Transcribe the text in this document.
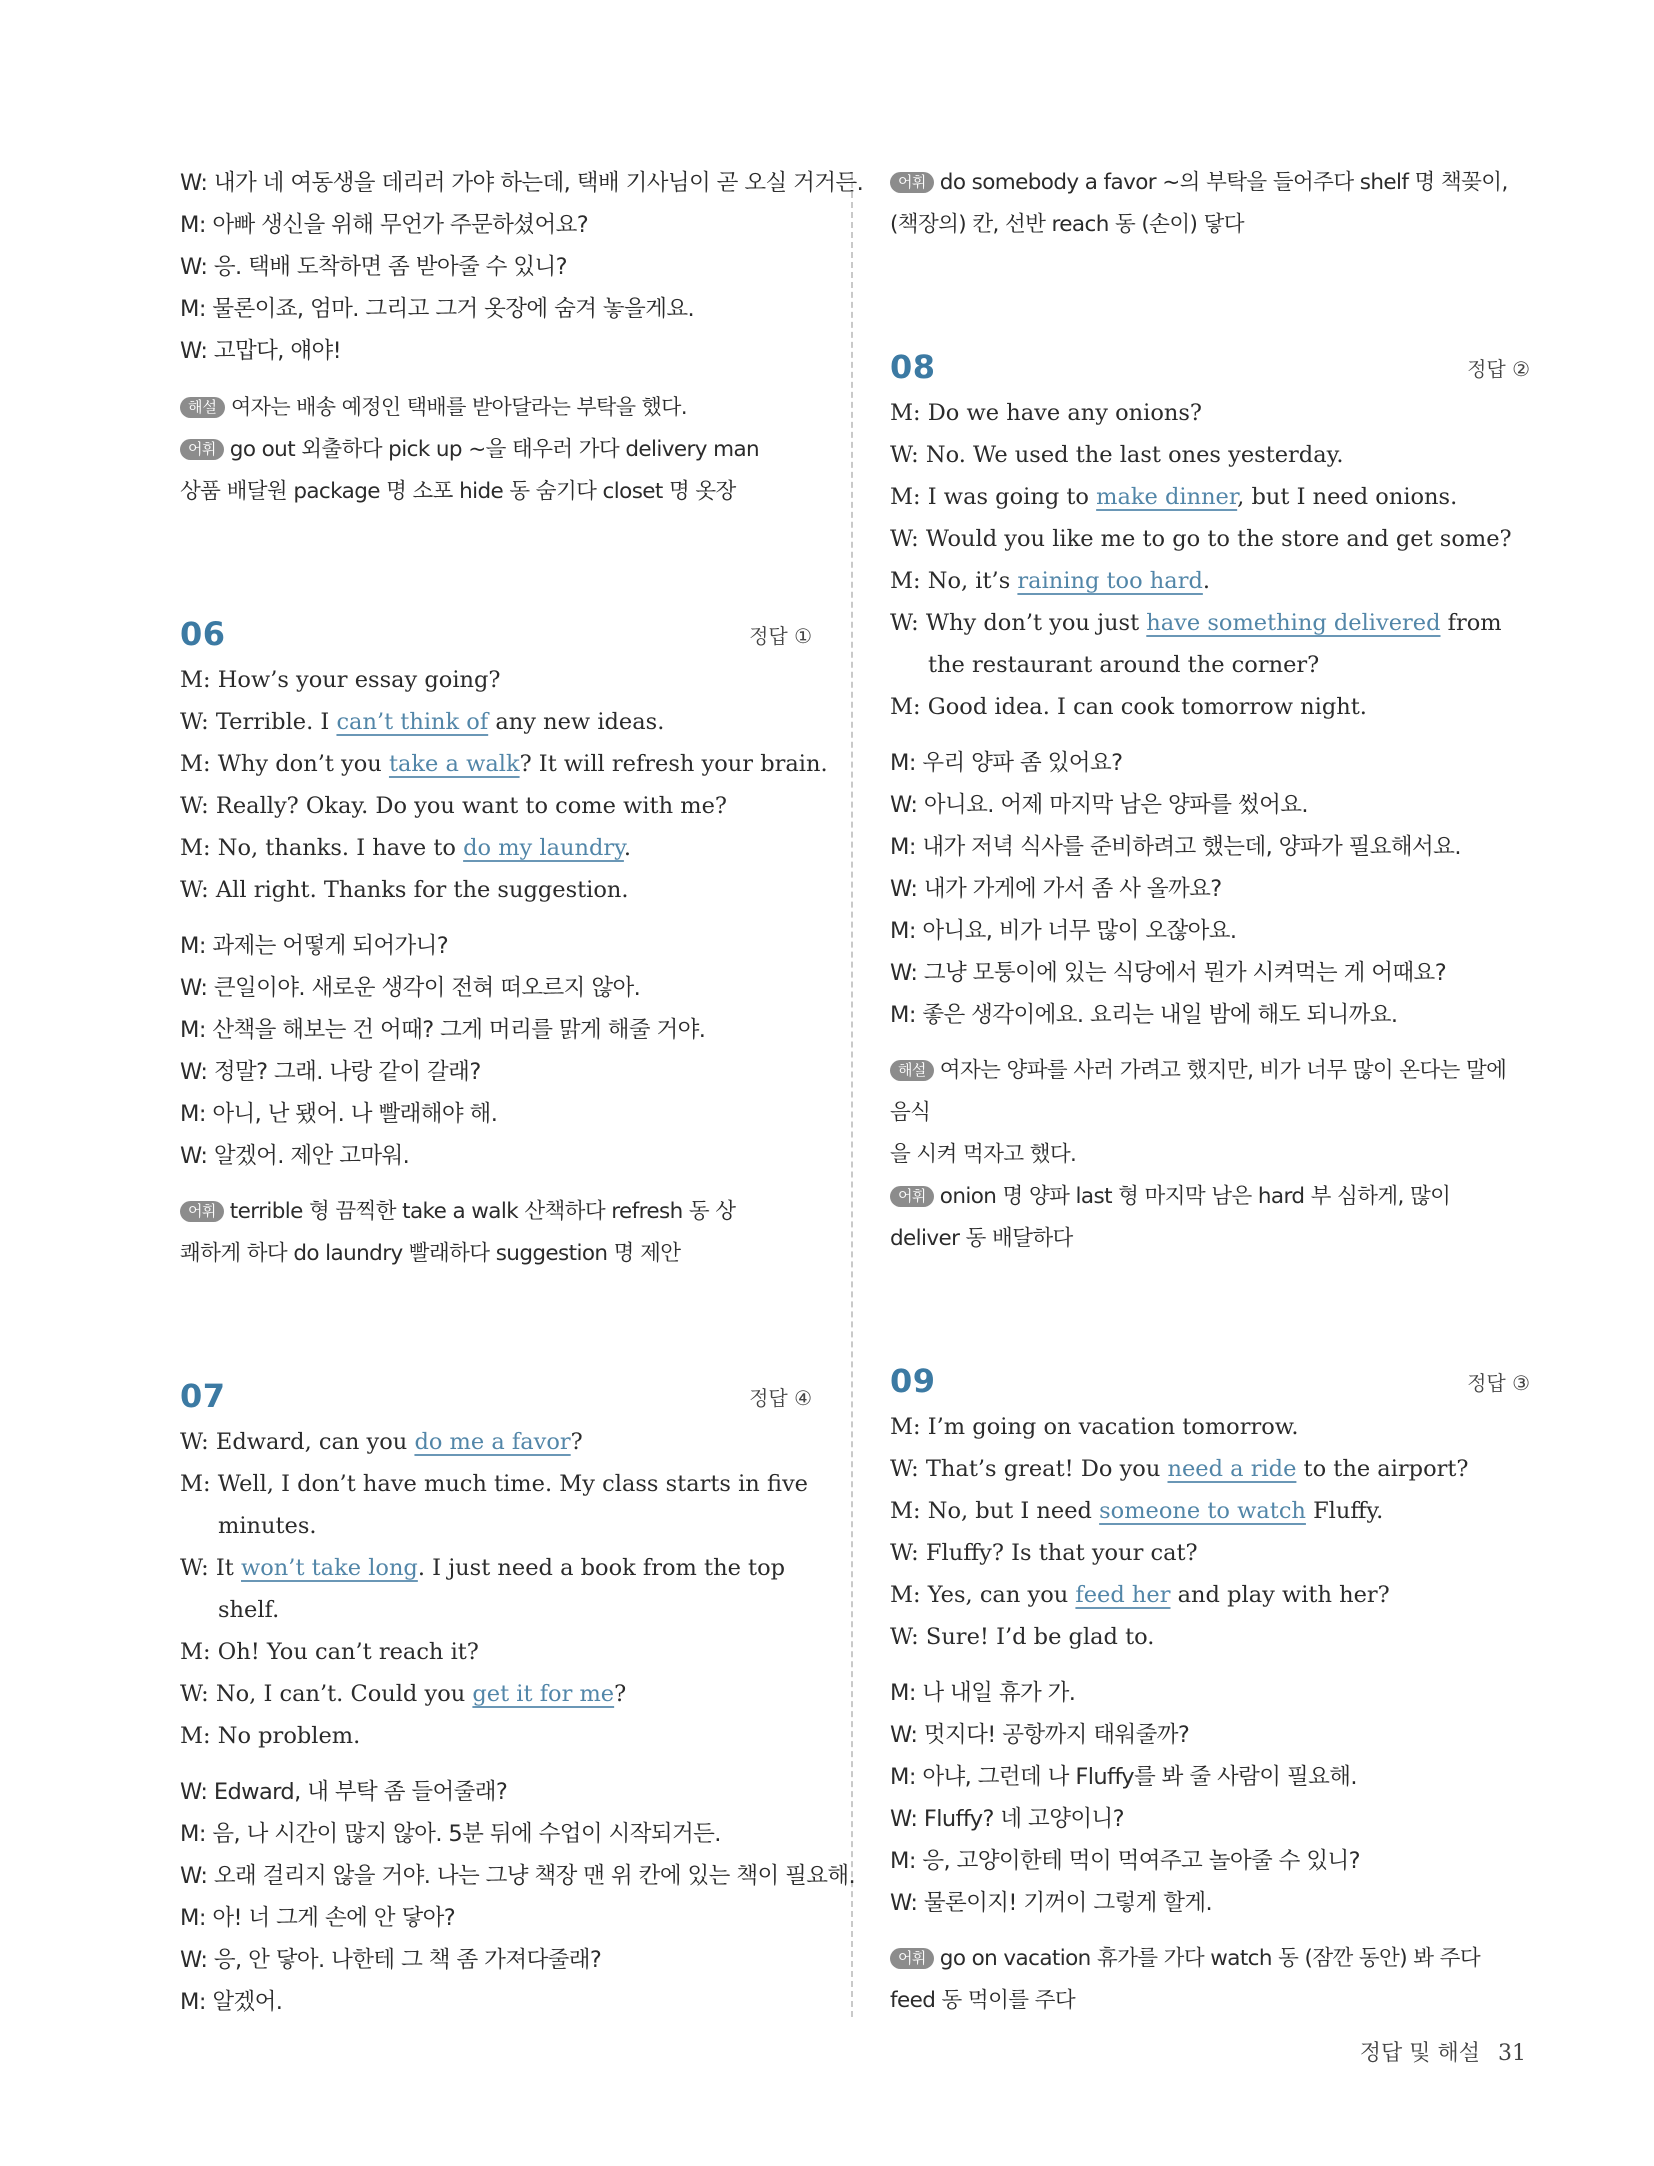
W: 내가 네 여동생을 데리러 가야 하는데, 택배 기사님이 곧 오실 거거든.
M: 아빠 생신을 위해 무언가 주문하셨어요?
W: 응. 택배 도착하면 좀 받아줄 수 있니?
M: 물론이죠, 엄마. 그리고 그거 옷장에 숨겨 놓을게요.
W: 고맙다, 얘야!
해설 여자는 배송 예정인 택배를 받아달라는 부탁을 했다.
어휘 go out 외출하다 pick up ~을 태우러 가다 delivery man
상품 배달원 package 명 소포 hide 동 숨기다 closet 명 옷장
06	정답 ①
M: How’s your essay going?
W: Terrible. I can’t think of any new ideas.
M: Why don’t you take a walk? It will refresh your brain.
W: Really? Okay. Do you want to come with me?
M: No, thanks. I have to do my laundry.
W: All right. Thanks for the suggestion.
M: 과제는 어떻게 되어가니?
W: 큰일이야. 새로운 생각이 전혀 떠오르지 않아.
M: 산책을 해보는 건 어때? 그게 머리를 맑게 해줄 거야.
W: 정말? 그래. 나랑 같이 갈래?
M: 아니, 난 됐어. 나 빨래해야 해.
W: 알겠어. 제안 고마워.
어휘 terrible 형 끔찍한 take a walk 산책하다 refresh 동 상
쾌하게 하다 do laundry 빨래하다 suggestion 명 제안
07	정답 ④
W: Edward, can you do me a favor?
M: Well, I don’t have much time. My class starts in five
minutes.
W: It won’t take long. I just need a book from the top
shelf.
M: Oh! You can’t reach it?
W: No, I can’t. Could you get it for me?
M: No problem.
W: Edward, 내 부탁 좀 들어줄래?
M: 음, 나 시간이 많지 않아. 5분 뒤에 수업이 시작되거든.
W: 오래 걸리지 않을 거야. 나는 그냥 책장 맨 위 칸에 있는 책이 필요해.
M: 아! 너 그게 손에 안 닿아?
W: 응, 안 닿아. 나한테 그 책 좀 가져다줄래?
M: 알겠어.
어휘 do somebody a favor ~의 부탁을 들어주다 shelf 명 책꽂이,
(책장의) 칸, 선반 reach 동 (손이) 닿다
08	정답 ②
M: Do we have any onions?
W: No. We used the last ones yesterday.
M: I was going to make dinner, but I need onions.
W: Would you like me to go to the store and get some?
M: No, it’s raining too hard.
W: Why don’t you just have something delivered from
the restaurant around the corner?
M: Good idea. I can cook tomorrow night.
M: 우리 양파 좀 있어요?
W: 아니요. 어제 마지막 남은 양파를 썼어요.
M: 내가 저녁 식사를 준비하려고 했는데, 양파가 필요해서요.
W: 내가 가게에 가서 좀 사 올까요?
M: 아니요, 비가 너무 많이 오잖아요.
W: 그냥 모퉁이에 있는 식당에서 뭔가 시켜먹는 게 어때요?
M: 좋은 생각이에요. 요리는 내일 밤에 해도 되니까요.
해설 여자는 양파를 사러 가려고 했지만, 비가 너무 많이 온다는 말에 음식
을 시켜 먹자고 했다.
어휘 onion 명 양파 last 형 마지막 남은 hard 부 심하게, 많이
deliver 동 배달하다
09	정답 ③
M: I’m going on vacation tomorrow.
W: That’s great! Do you need a ride to the airport?
M: No, but I need someone to watch Fluffy.
W: Fluffy? Is that your cat?
M: Yes, can you feed her and play with her?
W: Sure! I’d be glad to.
M: 나 내일 휴가 가.
W: 멋지다! 공항까지 태워줄까?
M: 아냐, 그런데 나 Fluffy를 봐 줄 사람이 필요해.
W: Fluffy? 네 고양이니?
M: 응, 고양이한테 먹이 먹여주고 놀아줄 수 있니?
W: 물론이지! 기꺼이 그렇게 할게.
어휘 go on vacation 휴가를 가다 watch 동 (잠깐 동안) 봐 주다
feed 동 먹이를 주다
정답 및 해설 31
